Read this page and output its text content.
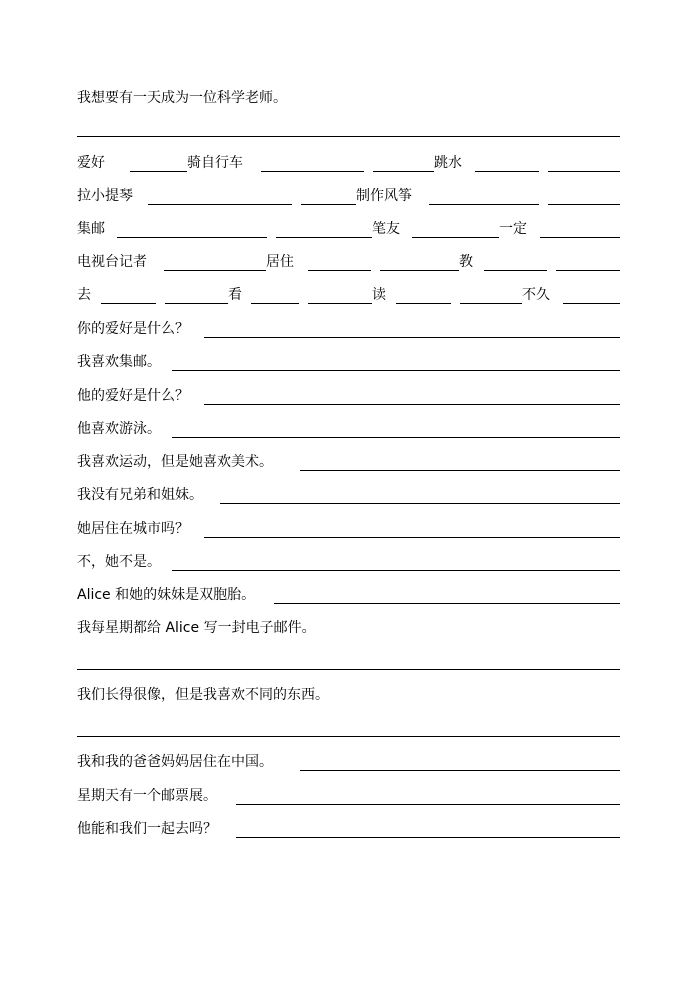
我想要有一天成为一位科学老师。
爱好	骑自行车	跳水
拉小提琴	制作风筝
集邮	笔友	一定
电视台记者	居住	教
去	看	读	不久
你的爱好是什么？
我喜欢集邮。
他的爱好是什么？
他喜欢游泳。
我喜欢运动，但是她喜欢美术。
我没有兄弟和姐妹。
她居住在城市吗？
不，她不是。
Alice 和她的妹妹是双胞胎。
我每星期都给 Alice 写一封电子邮件。
我们长得很像，但是我喜欢不同的东西。
我和我的爸爸妈妈居住在中国。
星期天有一个邮票展。
他能和我们一起去吗？
